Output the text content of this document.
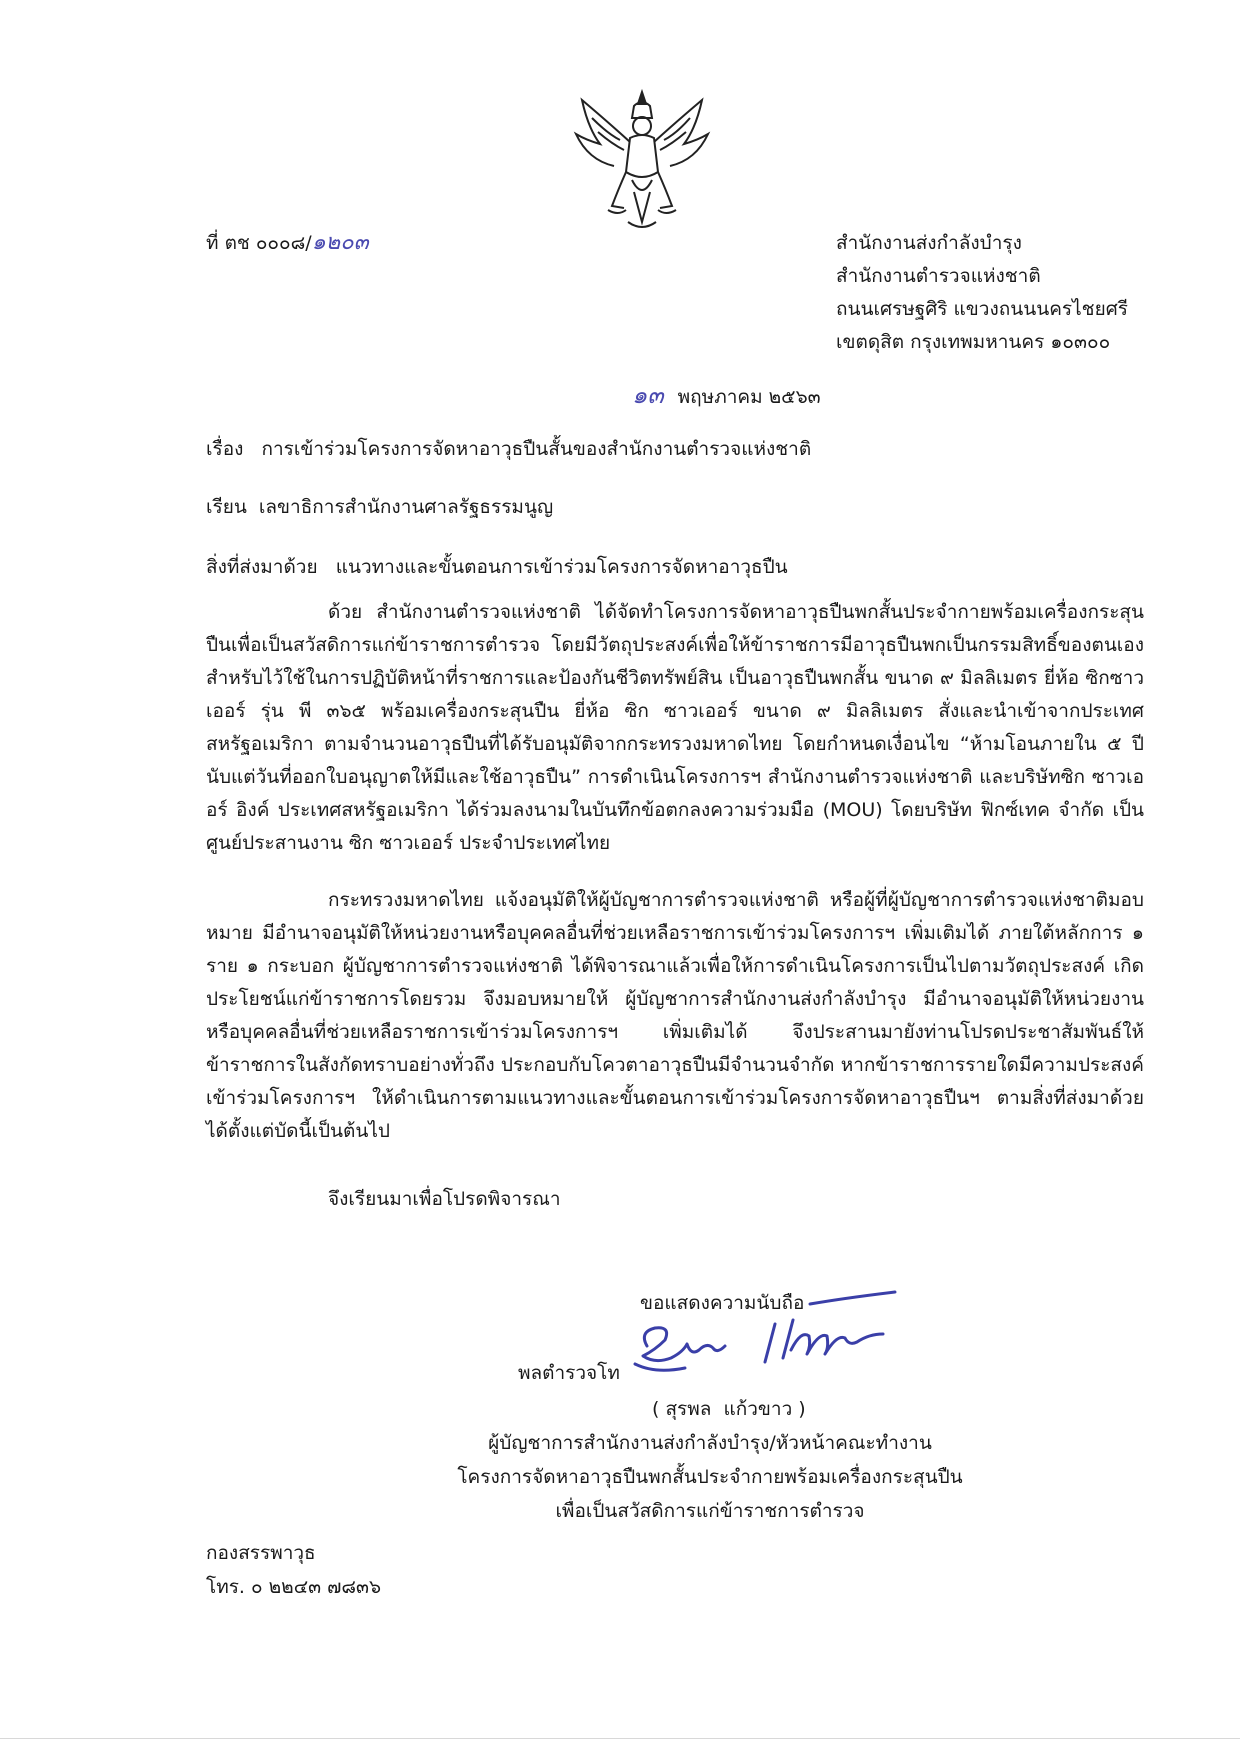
ที่ ตช ๐๐๐๘/๑๒๐๓	สำนักงานส่งกำลังบำรุง
สำนักงานตำรวจแห่งชาติ
ถนนเศรษฐศิริ แขวงถนนนครไชยศรี
เขตดุสิต กรุงเทพมหานคร ๑๐๓๐๐
๑๓ พฤษภาคม ๒๕๖๓
เรื่อง   การเข้าร่วมโครงการจัดหาอาวุธปืนสั้นของสำนักงานตำรวจแห่งชาติ
เรียน  เลขาธิการสำนักงานศาลรัฐธรรมนูญ
สิ่งที่ส่งมาด้วย   แนวทางและขั้นตอนการเข้าร่วมโครงการจัดหาอาวุธปืน
ด้วย สำนักงานตำรวจแห่งชาติ ได้จัดทำโครงการจัดหาอาวุธปืนพกสั้นประจำกายพร้อมเครื่องกระสุนปืนเพื่อเป็นสวัสดิการแก่ข้าราชการตำรวจ โดยมีวัตถุประสงค์เพื่อให้ข้าราชการมีอาวุธปืนพกเป็นกรรมสิทธิ์ของตนเองสำหรับไว้ใช้ในการปฏิบัติหน้าที่ราชการและป้องกันชีวิตทรัพย์สิน เป็นอาวุธปืนพกสั้น ขนาด ๙ มิลลิเมตร ยี่ห้อ ซิกซาวเออร์ รุ่น พี ๓๖๕ พร้อมเครื่องกระสุนปืน ยี่ห้อ ซิก ซาวเออร์ ขนาด ๙ มิลลิเมตร สั่งและนำเข้าจากประเทศสหรัฐอเมริกา ตามจำนวนอาวุธปืนที่ได้รับอนุมัติจากกระทรวงมหาดไทย โดยกำหนดเงื่อนไข “ห้ามโอนภายใน ๕ ปี นับแต่วันที่ออกใบอนุญาตให้มีและใช้อาวุธปืน” การดำเนินโครงการฯ สำนักงานตำรวจแห่งชาติ และบริษัทซิก ซาวเออร์ อิงค์ ประเทศสหรัฐอเมริกา ได้ร่วมลงนามในบันทึกข้อตกลงความร่วมมือ (MOU) โดยบริษัท ฟิกซ์เทค จำกัด เป็นศูนย์ประสานงาน ซิก ซาวเออร์ ประจำประเทศไทย
กระทรวงมหาดไทย แจ้งอนุมัติให้ผู้บัญชาการตำรวจแห่งชาติ หรือผู้ที่ผู้บัญชาการตำรวจแห่งชาติมอบหมาย มีอำนาจอนุมัติให้หน่วยงานหรือบุคคลอื่นที่ช่วยเหลือราชการเข้าร่วมโครงการฯ เพิ่มเติมได้ ภายใต้หลักการ ๑ ราย ๑ กระบอก ผู้บัญชาการตำรวจแห่งชาติ ได้พิจารณาแล้วเพื่อให้การดำเนินโครงการเป็นไปตามวัตถุประสงค์ เกิดประโยชน์แก่ข้าราชการโดยรวม จึงมอบหมายให้ ผู้บัญชาการสำนักงานส่งกำลังบำรุง มีอำนาจอนุมัติให้หน่วยงานหรือบุคคลอื่นที่ช่วยเหลือราชการเข้าร่วมโครงการฯ เพิ่มเติมได้ จึงประสานมายังท่านโปรดประชาสัมพันธ์ให้ข้าราชการในสังกัดทราบอย่างทั่วถึง ประกอบกับโควตาอาวุธปืนมีจำนวนจำกัด หากข้าราชการรายใดมีความประสงค์เข้าร่วมโครงการฯ ให้ดำเนินการตามแนวทางและขั้นตอนการเข้าร่วมโครงการจัดหาอาวุธปืนฯ ตามสิ่งที่ส่งมาด้วย ได้ตั้งแต่บัดนี้เป็นต้นไป
จึงเรียนมาเพื่อโปรดพิจารณา
ขอแสดงความนับถือ
พลตำรวจโท
( สุรพล  แก้วขาว )
ผู้บัญชาการสำนักงานส่งกำลังบำรุง/หัวหน้าคณะทำงาน
โครงการจัดหาอาวุธปืนพกสั้นประจำกายพร้อมเครื่องกระสุนปืน
เพื่อเป็นสวัสดิการแก่ข้าราชการตำรวจ
กองสรรพาวุธ
โทร. ๐ ๒๒๔๓ ๗๘๓๖
